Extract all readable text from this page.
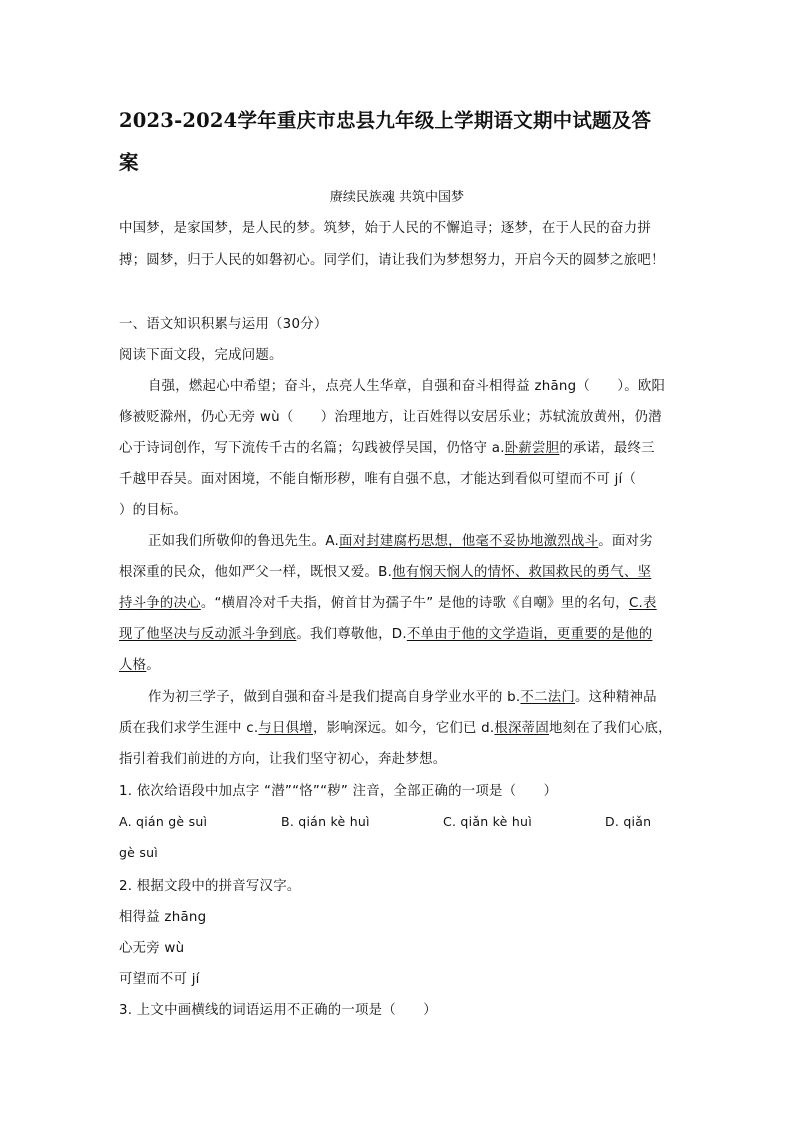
2023-2024学年重庆市忠县九年级上学期语文期中试题及答
案
赓续民族魂 共筑中国梦
中国梦，是家国梦，是人民的梦。筑梦，始于人民的不懈追寻；逐梦，在于人民的奋力拼
搏；圆梦，归于人民的如磐初心。同学们，请让我们为梦想努力，开启今天的圆梦之旅吧！
一、语文知识积累与运用（30分）
阅读下面文段，完成问题。
自强，燃起心中希望；奋斗，点亮人生华章，自强和奋斗相得益 zhāng（　　）。欧阳
修被贬滁州，仍心无旁 wù（　　）治理地方，让百姓得以安居乐业；苏轼流放黄州，仍潜
心于诗词创作，写下流传千古的名篇；勾践被俘吴国，仍恪守 a.卧薪尝胆的承诺，最终三
千越甲吞吴。面对困境，不能自惭形秽，唯有自强不息，才能达到看似可望而不可 jí（
）的目标。
正如我们所敬仰的鲁迅先生。A.面对封建腐朽思想，他毫不妥协地激烈战斗。面对劣
根深重的民众，他如严父一样，既恨又爱。B.他有悯天悯人的情怀、救国救民的勇气、坚
持斗争的决心。“横眉冷对千夫指，俯首甘为孺子牛” 是他的诗歌《自嘲》里的名句，C.表
现了他坚决与反动派斗争到底。我们尊敬他，D.不单由于他的文学造诣，更重要的是他的
人格。
作为初三学子，做到自强和奋斗是我们提高自身学业水平的 b.不二法门。这种精神品
质在我们求学生涯中 c.与日俱增，影响深远。如今，它们已 d.根深蒂固地刻在了我们心底，
指引着我们前进的方向，让我们坚守初心，奔赴梦想。
1. 依次给语段中加点字 “潜”“恪”“秽” 注音，全部正确的一项是（　　）
A. qián gè suì	B. qián kè huì	C. qiǎn kè huì	D. qiǎn
gè suì
2. 根据文段中的拼音写汉字。
相得益 zhāng
心无旁 wù
可望而不可 jí
3. 上文中画横线的词语运用不正确的一项是（　　）
